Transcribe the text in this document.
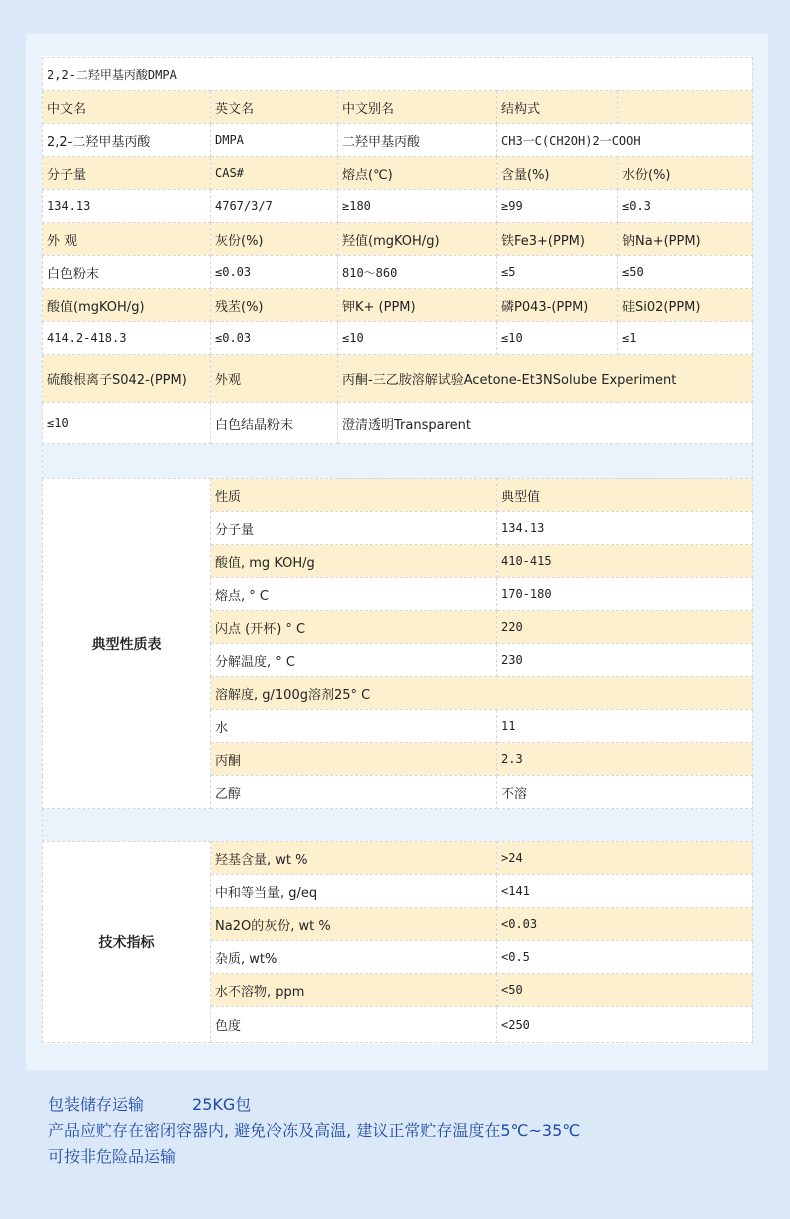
2,2-二羟甲基丙酸DMPA				
中文名	英文名	中文别名	结构式	
2,2-二羟甲基丙酸	DMPA	二羟甲基丙酸	CH3一C(CH2OH)2一COOH	
分子量	CAS#	熔点(℃)	含量(%)	水份(%)
134.13	4767/3/7	≥180	≥99	≤0.3
外 观	灰份(%)	羟值(mgKOH/g)	铁Fe3+(PPM)	钠Na+(PPM)
白色粉末	≤0.03	810～860	≤5	≤50
酸值(mgKOH/g)	残苤(%)	钾K+ (PPM)	磷P043-(PPM)	硅Si02(PPM)
414.2-418.3	≤0.03	≤10	≤10	≤1
硫酸根离子S042-(PPM)	外观	丙酮-三乙胺溶解试验Acetone-Et3NSolube Experiment		
≤10	白色结晶粉末	澄清透明Transparent		

典型性质表	性质	典型值
	分子量	134.13
	酸值, mg KOH/g	410-415
	熔点, ° C	170-180
	闪点 (开杯) ° C	220
	分解温度, ° C	230
	溶解度, g/100g溶剂25° C	
	水	11
	丙酮	2.3
	乙醇	不溶

技术指标	羟基含量, wt %	>24
	中和等当量, g/eq	<141
	Na2O的灰份, wt %	<0.03
	杂质, wt%	<0.5
	水不溶物, ppm	<50
	色度	<250
包装储存运输	25KG包
产品应贮存在密闭容器内, 避免冷冻及高温, 建议正常贮存温度在5℃~35℃
可按非危险品运输
